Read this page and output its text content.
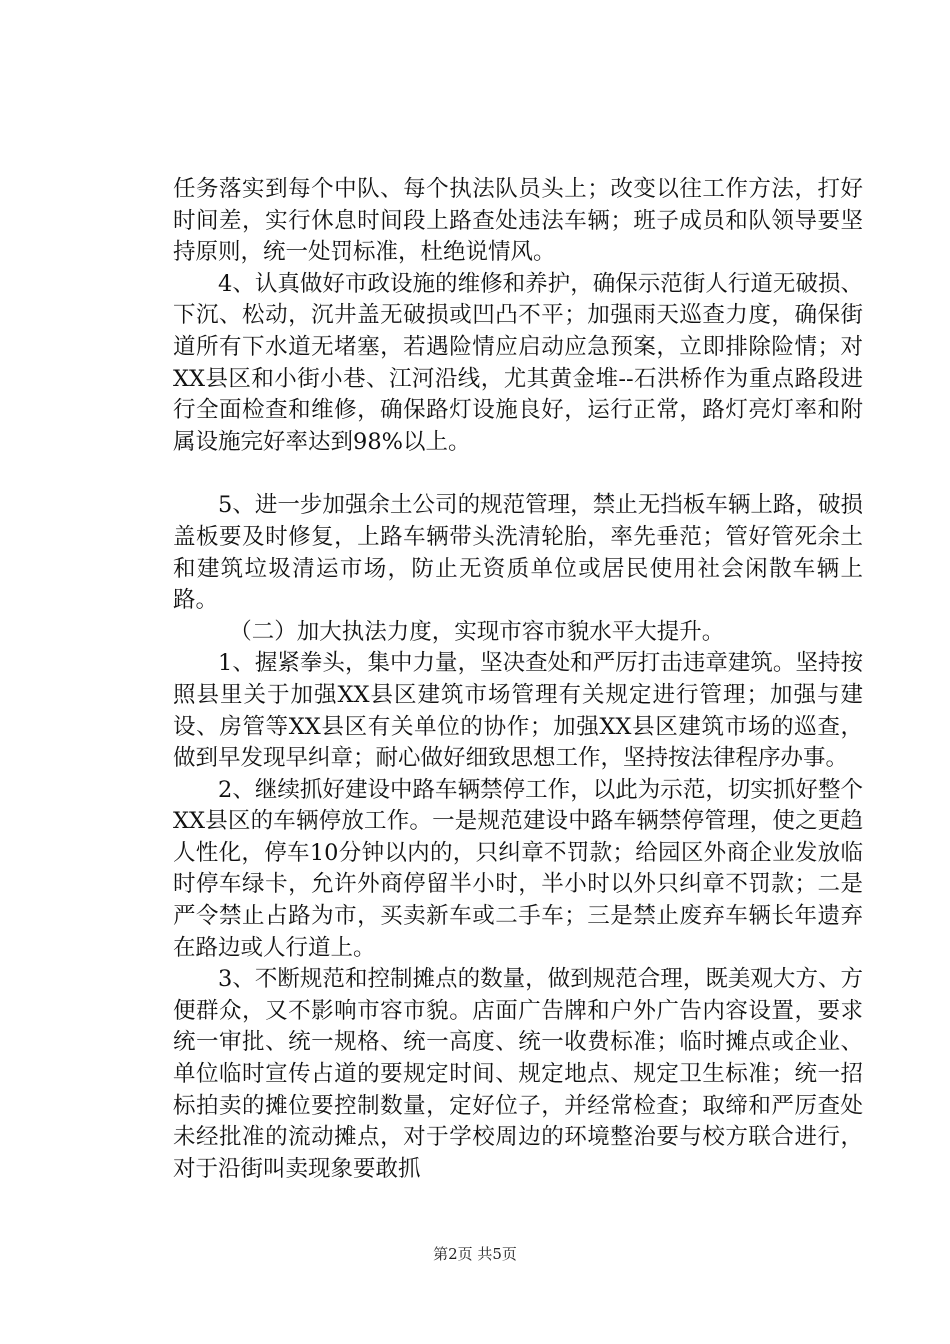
任务落实到每个中队、每个执法队员头上；改变以往工作方法，打好时间差，实行休息时间段上路查处违法车辆；班子成员和队领导要坚持原则，统一处罚标准，杜绝说情风。

4、认真做好市政设施的维修和养护，确保示范街人行道无破损、下沉、松动，沉井盖无破损或凹凸不平；加强雨天巡查力度，确保街道所有下水道无堵塞，若遇险情应启动应急预案，立即排除险情；对XX县区和小街小巷、江河沿线，尤其黄金堆--石洪桥作为重点路段进行全面检查和维修，确保路灯设施良好，运行正常，路灯亮灯率和附属设施完好率达到98%以上。

5、进一步加强余土公司的规范管理，禁止无挡板车辆上路，破损盖板要及时修复，上路车辆带头洗清轮胎，率先垂范；管好管死余土和建筑垃圾清运市场，防止无资质单位或居民使用社会闲散车辆上路。

（二）加大执法力度，实现市容市貌水平大提升。

1、握紧拳头，集中力量，坚决查处和严厉打击违章建筑。坚持按照县里关于加强XX县区建筑市场管理有关规定进行管理；加强与建设、房管等XX县区有关单位的协作；加强XX县区建筑市场的巡查，做到早发现早纠章；耐心做好细致思想工作，坚持按法律程序办事。

2、继续抓好建设中路车辆禁停工作，以此为示范，切实抓好整个XX县区的车辆停放工作。一是规范建设中路车辆禁停管理，使之更趋人性化，停车10分钟以内的，只纠章不罚款；给园区外商企业发放临时停车绿卡，允许外商停留半小时，半小时以外只纠章不罚款；二是严令禁止占路为市，买卖新车或二手车；三是禁止废弃车辆长年遗弃在路边或人行道上。

3、不断规范和控制摊点的数量，做到规范合理，既美观大方、方便群众，又不影响市容市貌。店面广告牌和户外广告内容设置，要求统一审批、统一规格、统一高度、统一收费标准；临时摊点或企业、单位临时宣传占道的要规定时间、规定地点、规定卫生标准；统一招标拍卖的摊位要控制数量，定好位子，并经常检查；取缔和严厉查处未经批准的流动摊点，对于学校周边的环境整治要与校方联合进行，对于沿街叫卖现象要敢抓

第2页 共5页
